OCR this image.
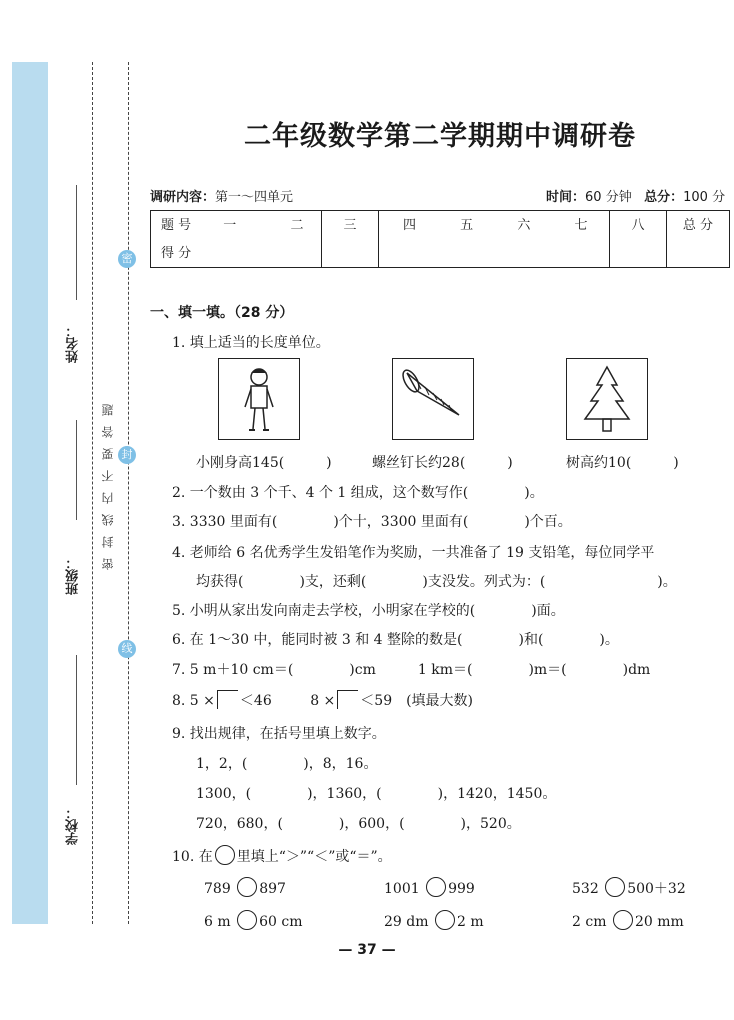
姓名：
班级：
学校：
密封线内不要答题
密
封
线
二年级数学第二学期期中调研卷
调研内容：第一～四单元	时间：60 分钟 总分：100 分
题 号 一	二	三	四	五	六	七	八	总 分
得 分
一、填一填。（28 分）
1. 填上适当的长度单位。
小刚身高145(　　　)	螺丝钉长约28(　　　)	树高约10(　　　)
2. 一个数由 3 个千、4 个 1 组成，这个数写作(　　　　)。
3. 3330 里面有(　　　　)个十，3300 里面有(　　　　)个百。
4. 老师给 6 名优秀学生发铅笔作为奖励，一共准备了 19 支铅笔，每位同学平
均获得(　　　　)支，还剩(　　　　)支没发。列式为：(　　　　　　　　)。
5. 小明从家出发向南走去学校，小明家在学校的(　　　　)面。
6. 在 1～30 中，能同时被 3 和 4 整除的数是(　　　　)和(　　　　)。
7. 5 m＋10 cm＝(　　　　)cm　　　1 km＝(　　　　)m＝(　　　　)dm
8. 5 × ＜46	8 × ＜59　(填最大数)
9. 找出规律，在括号里填上数字。
1，2，(　　　　)，8，16。
1300，(　　　　)，1360，(　　　　)，1420，1450。
720，680，(　　　　)，600，(　　　　)，520。
10. 在 里填上“＞”“＜”或“＝”。
789 897	1001 999	532 500＋32
6 m 60 cm	29 dm 2 m	2 cm 20 mm
— 37 —
